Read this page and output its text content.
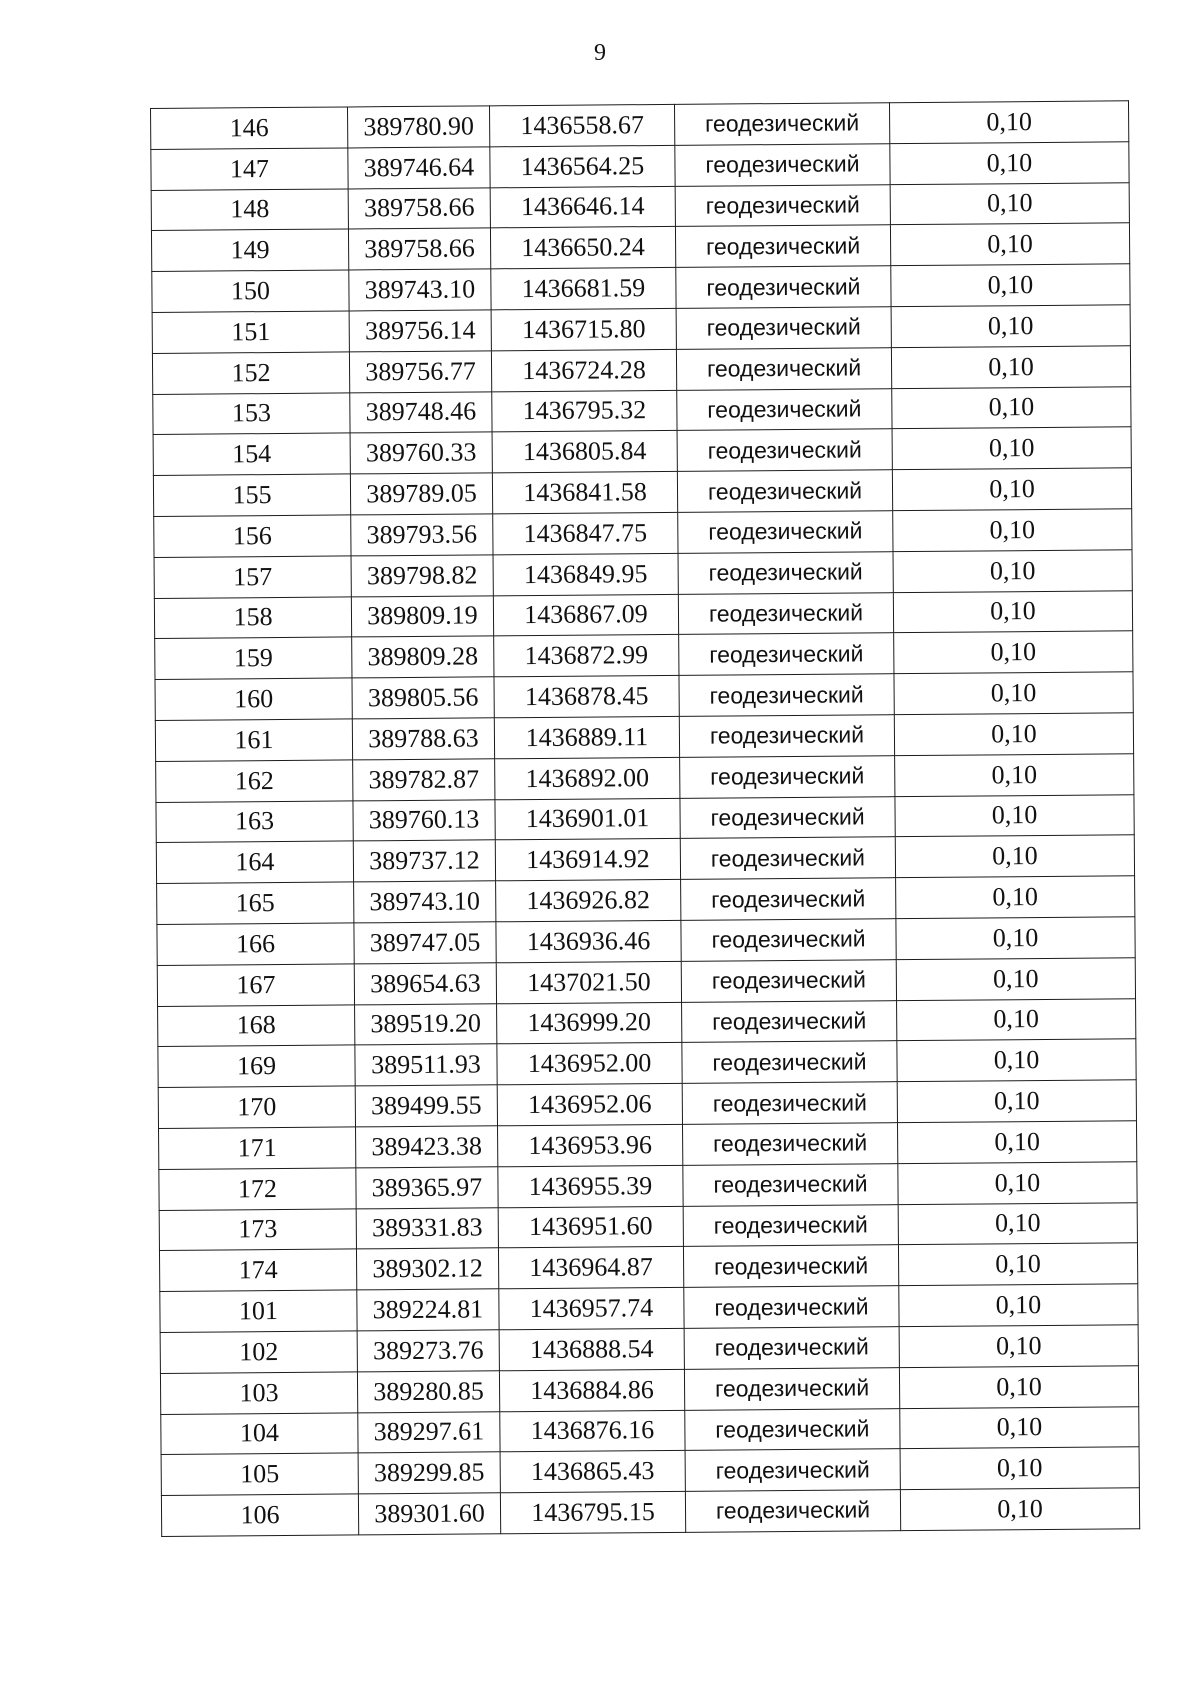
9
146	389780.90	1436558.67	геодезический	0,10
147	389746.64	1436564.25	геодезический	0,10
148	389758.66	1436646.14	геодезический	0,10
149	389758.66	1436650.24	геодезический	0,10
150	389743.10	1436681.59	геодезический	0,10
151	389756.14	1436715.80	геодезический	0,10
152	389756.77	1436724.28	геодезический	0,10
153	389748.46	1436795.32	геодезический	0,10
154	389760.33	1436805.84	геодезический	0,10
155	389789.05	1436841.58	геодезический	0,10
156	389793.56	1436847.75	геодезический	0,10
157	389798.82	1436849.95	геодезический	0,10
158	389809.19	1436867.09	геодезический	0,10
159	389809.28	1436872.99	геодезический	0,10
160	389805.56	1436878.45	геодезический	0,10
161	389788.63	1436889.11	геодезический	0,10
162	389782.87	1436892.00	геодезический	0,10
163	389760.13	1436901.01	геодезический	0,10
164	389737.12	1436914.92	геодезический	0,10
165	389743.10	1436926.82	геодезический	0,10
166	389747.05	1436936.46	геодезический	0,10
167	389654.63	1437021.50	геодезический	0,10
168	389519.20	1436999.20	геодезический	0,10
169	389511.93	1436952.00	геодезический	0,10
170	389499.55	1436952.06	геодезический	0,10
171	389423.38	1436953.96	геодезический	0,10
172	389365.97	1436955.39	геодезический	0,10
173	389331.83	1436951.60	геодезический	0,10
174	389302.12	1436964.87	геодезический	0,10
101	389224.81	1436957.74	геодезический	0,10
102	389273.76	1436888.54	геодезический	0,10
103	389280.85	1436884.86	геодезический	0,10
104	389297.61	1436876.16	геодезический	0,10
105	389299.85	1436865.43	геодезический	0,10
106	389301.60	1436795.15	геодезический	0,10
